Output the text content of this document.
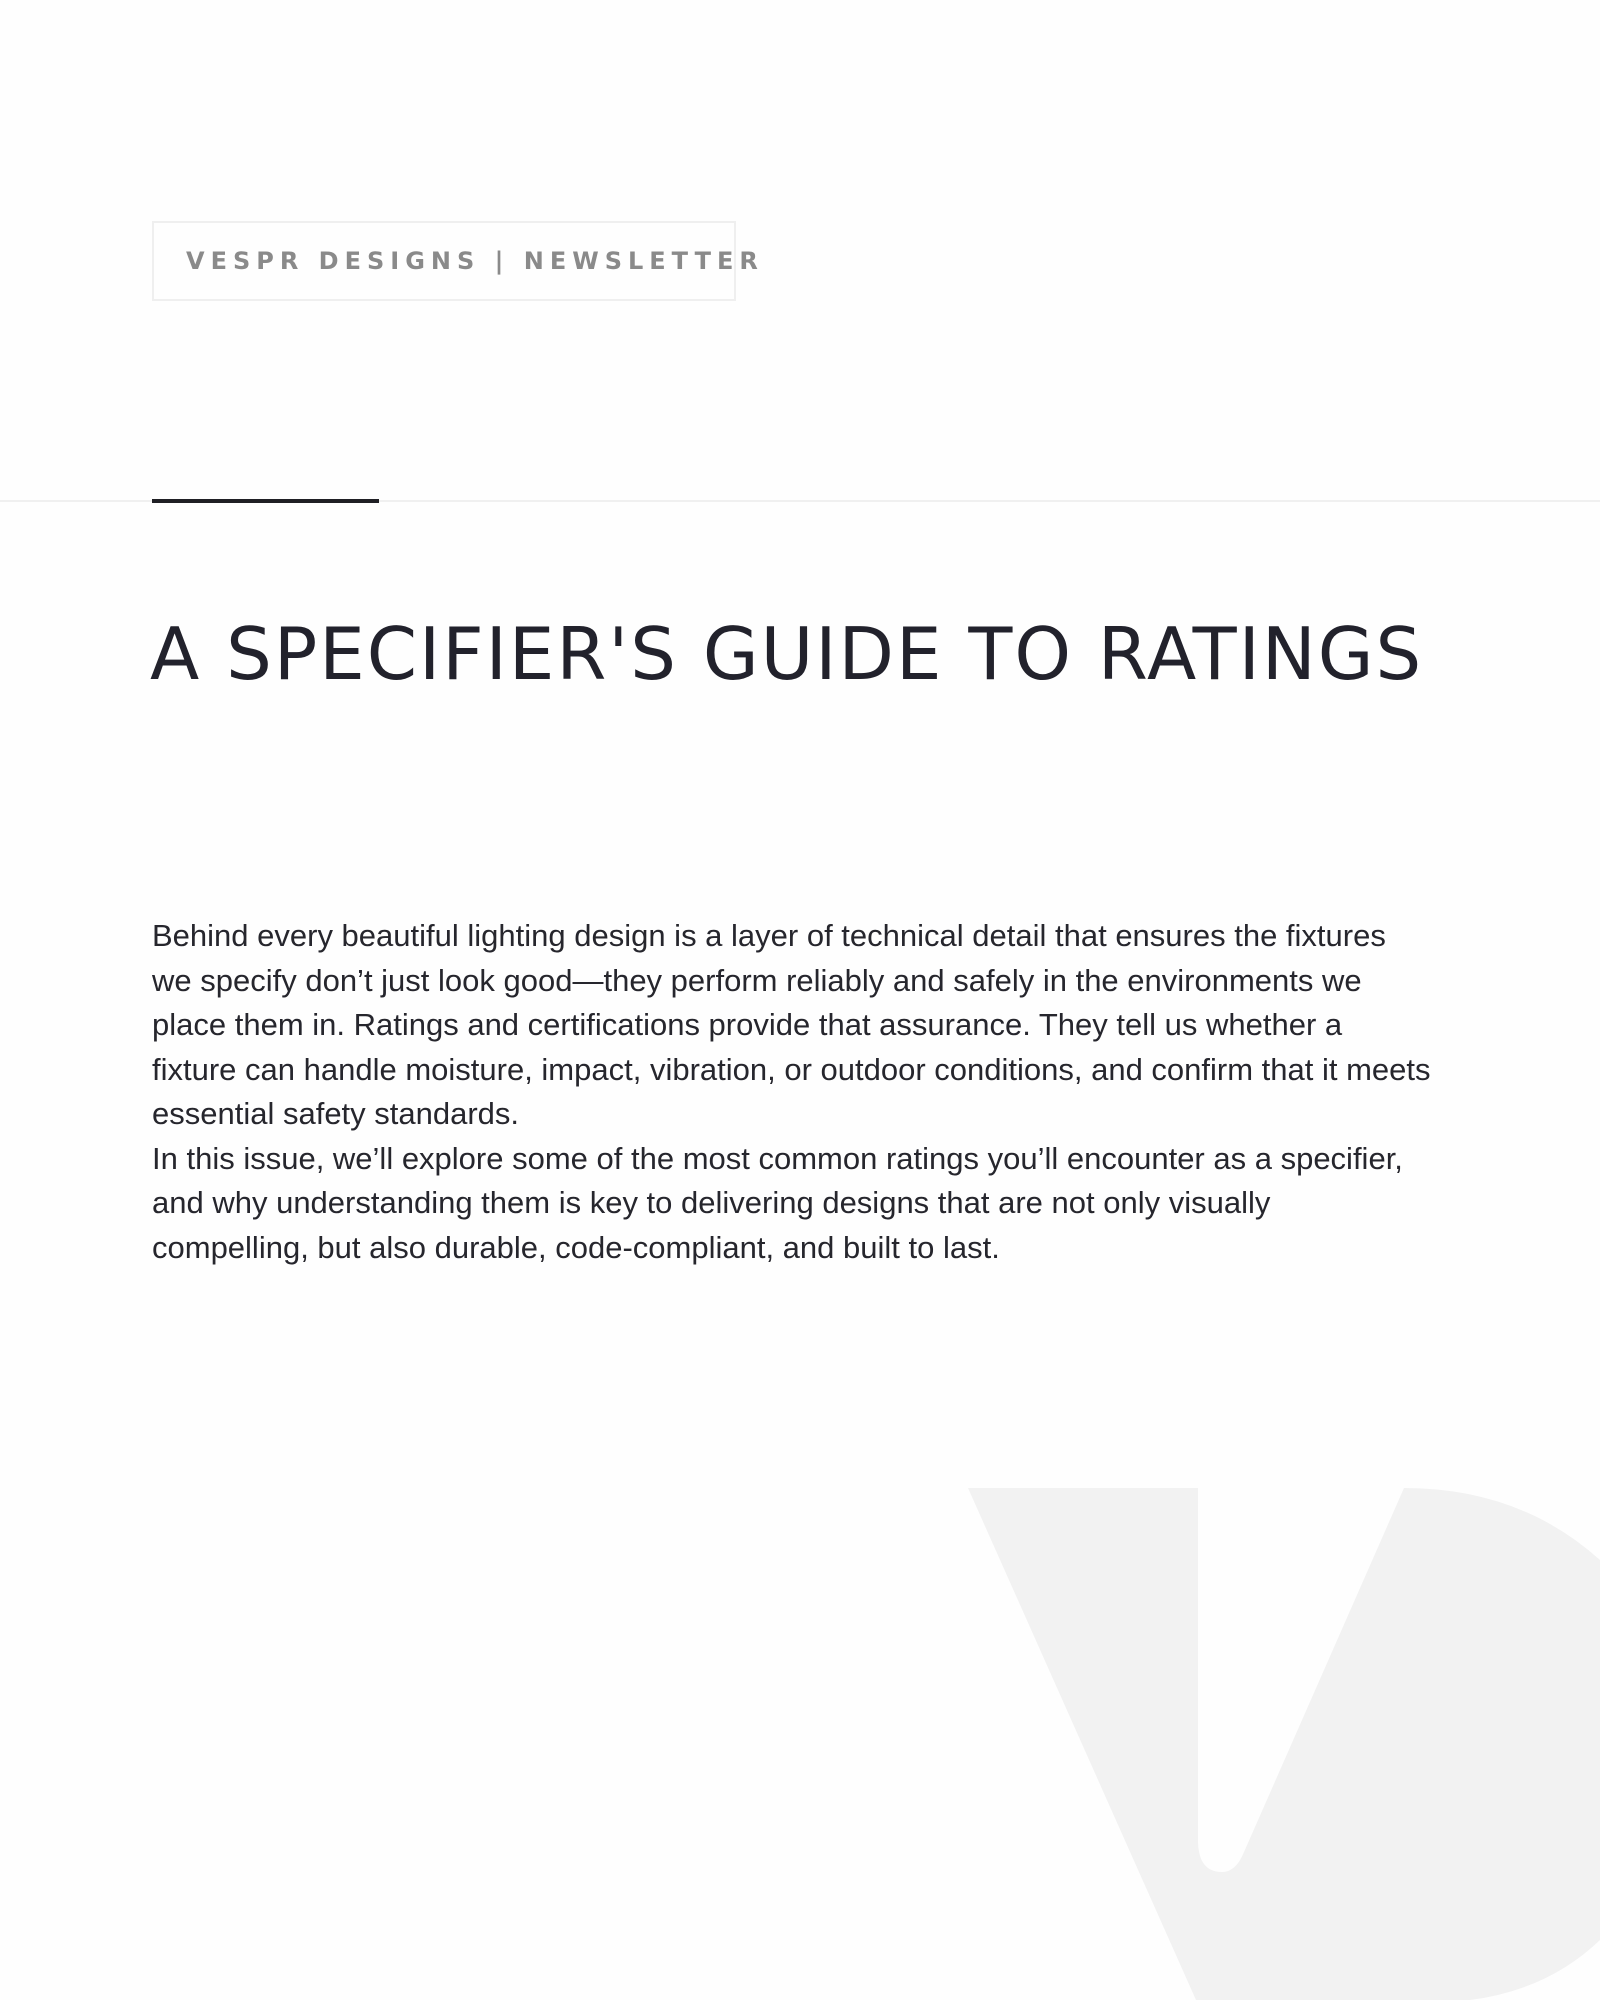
VESPR DESIGNS | NEWSLETTER
A SPECIFIER'S GUIDE TO RATINGS

Behind every beautiful lighting design is a layer of technical detail that ensures the fixtures we specify don’t just look good—they perform reliably and safely in the environments we place them in. Ratings and certifications provide that assurance. They tell us whether a fixture can handle moisture, impact, vibration, or outdoor conditions, and confirm that it meets essential safety standards.

In this issue, we’ll explore some of the most common ratings you’ll encounter as a specifier, and why understanding them is key to delivering designs that are not only visually compelling, but also durable, code-compliant, and built to last.
